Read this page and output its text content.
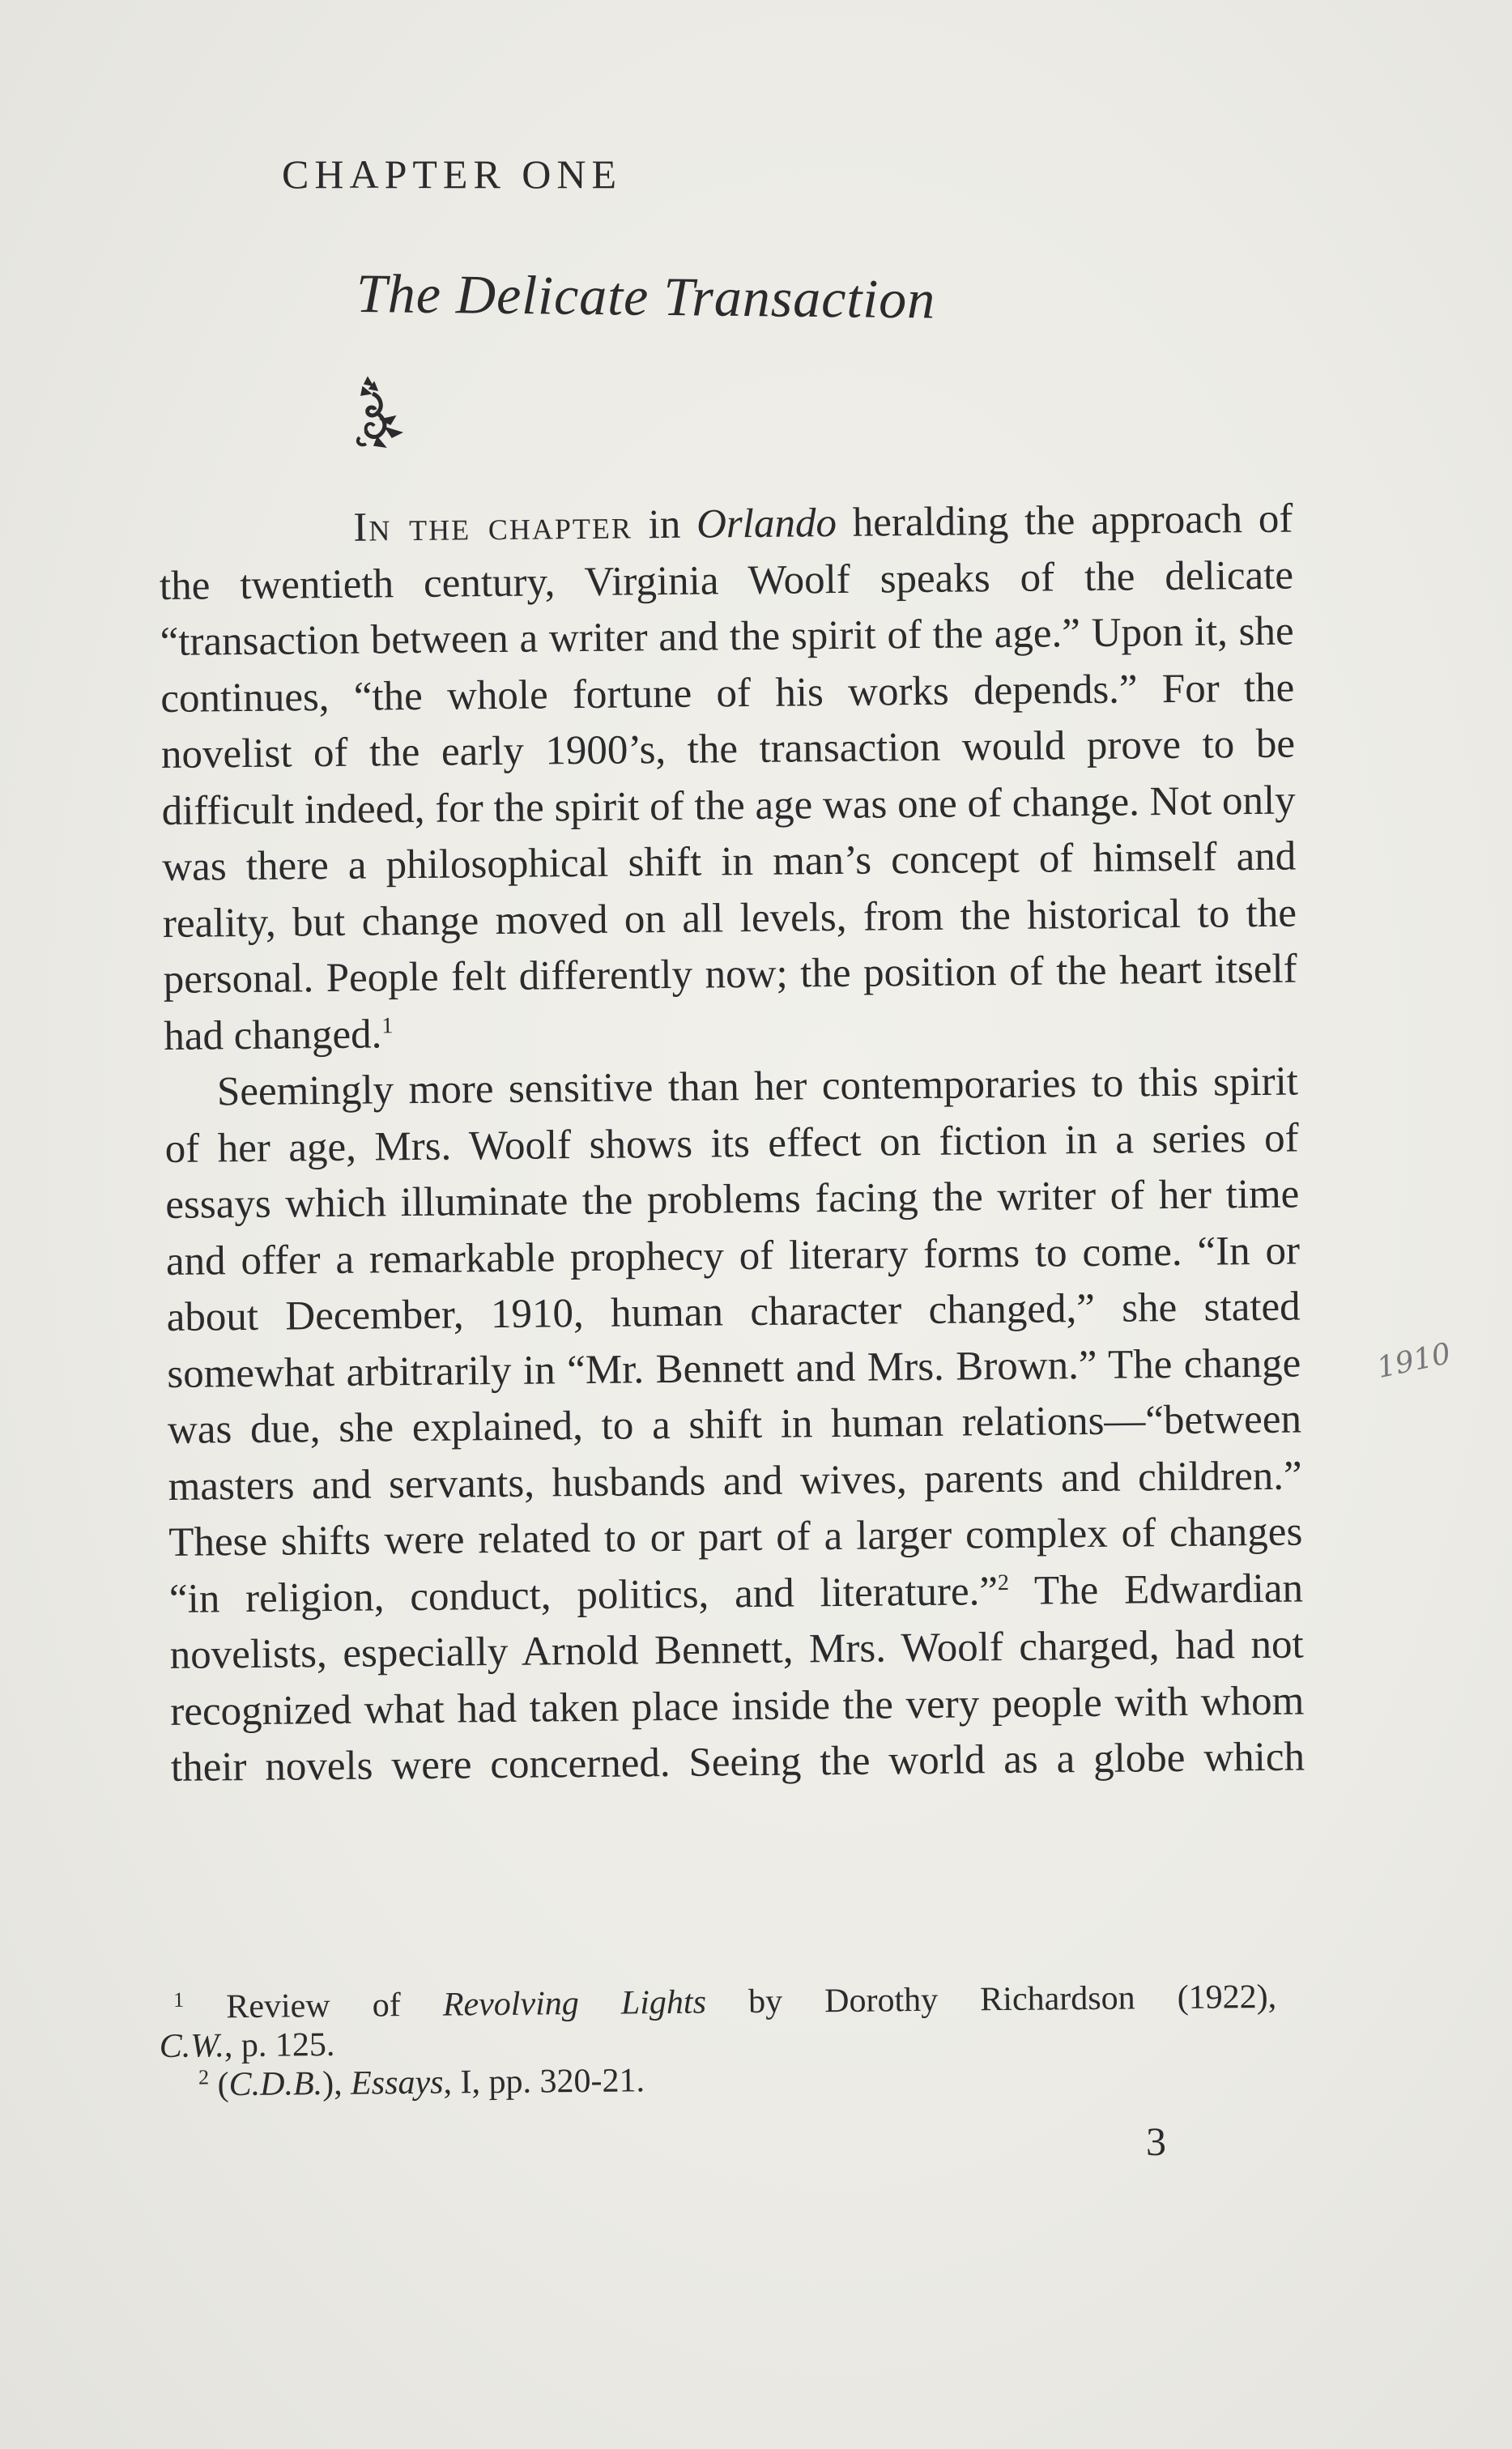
CHAPTER ONE
The Delicate Transaction

In the chapter in Orlando heralding the approach of the twentieth century, Virginia Woolf speaks of the delicate “transaction between a writer and the spirit of the age.” Upon it, she continues, “the whole fortune of his works depends.” For the novelist of the early 1900’s, the transaction would prove to be difficult indeed, for the spirit of the age was one of change. Not only was there a philosophical shift in man’s concept of himself and reality, but change moved on all levels, from the historical to the personal. People felt differently now; the position of the heart itself had changed.$^1$

Seemingly more sensitive than her contemporaries to this spirit of her age, Mrs. Woolf shows its effect on fiction in a series of essays which illuminate the problems facing the writer of her time and offer a remarkable prophecy of literary forms to come. “In or about December, 1910, human character changed,” she stated somewhat arbitrarily in “Mr. Bennett and Mrs. Brown.” The change was due, she explained, to a shift in human relations—“between masters and servants, husbands and wives, parents and children.” These shifts were related to or part of a larger complex of changes “in religion, conduct, politics, and literature.”$^2$ The Edwardian novelists, especially Arnold Bennett, Mrs. Woolf charged, had not recognized what had taken place inside the very people with whom their novels were concerned. Seeing the world as a globe which

$^1$ Review of Revolving Lights by Dorothy Richardson (1922),

C.W., p. 125.

$^2$ (C.D.B.), Essays, I, pp. 320-21.

3
1910
